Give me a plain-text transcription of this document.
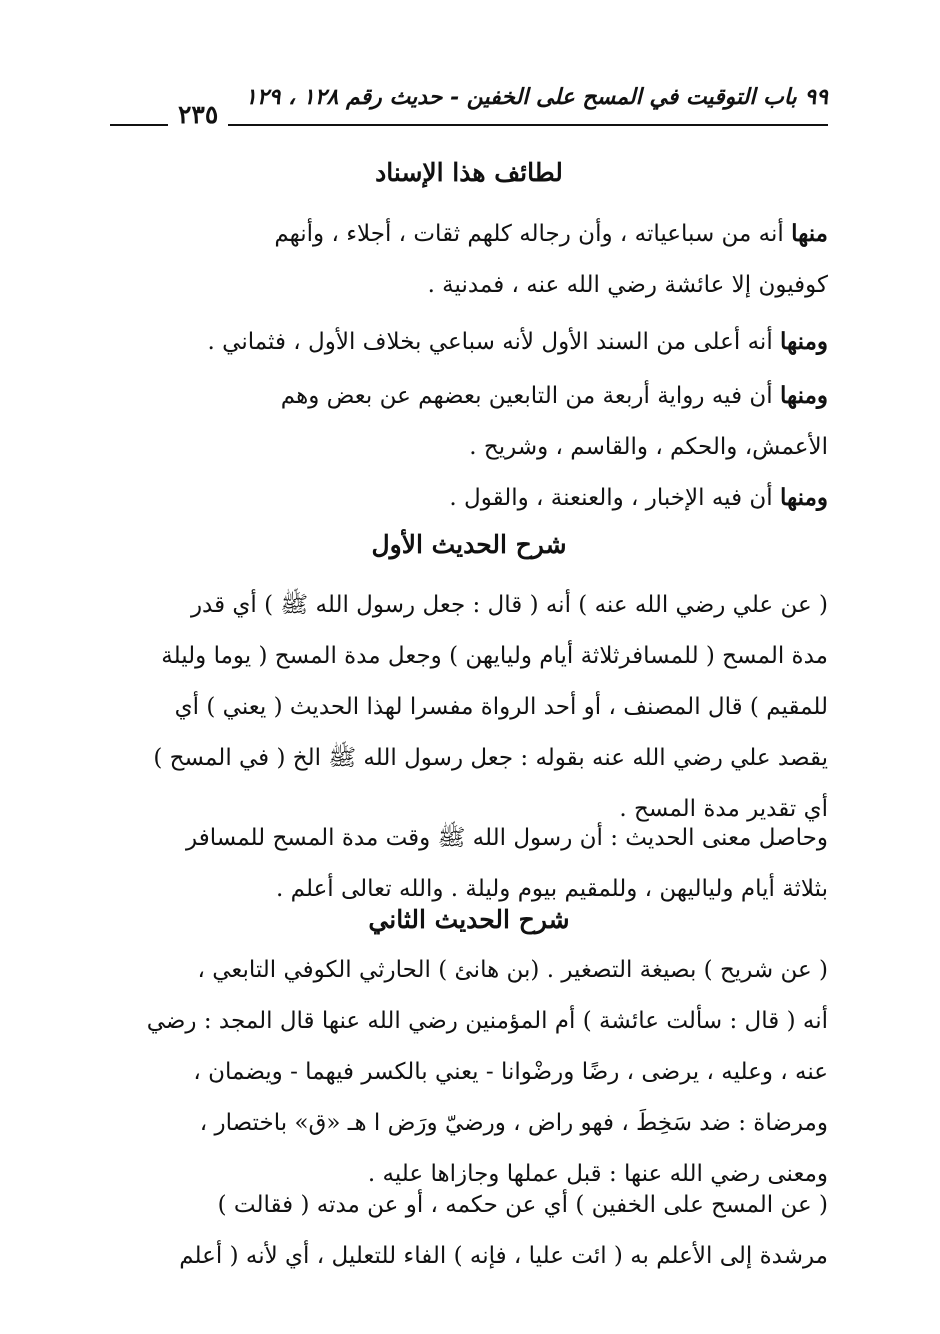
٩٩ باب التوقيت في المسح على الخفين - حديث رقم ١٢٨ ، ١٢٩
٢٣٥
لطائف هذا الإسناد

منها أنه من سباعياته ، وأن رجاله كلهم ثقات ، أجلاء ، وأنهم
كوفيون إلا عائشة رضي الله عنه ، فمدنية .

ومنها أنه أعلى من السند الأول لأنه سباعي بخلاف الأول ، فثماني .

ومنها أن فيه رواية أربعة من التابعين بعضهم عن بعض وهم
الأعمش، والحكم ، والقاسم ، وشريح .

ومنها أن فيه الإخبار ، والعنعنة ، والقول .

شرح الحديث الأول

( عن علي رضي الله عنه ) أنه ( قال : جعل رسول الله ﷺ ) أي قدر
مدة المسح ( للمسافرثلاثة أيام وليايهن ) وجعل مدة المسح ( يوما وليلة
للمقيم ) قال المصنف ، أو أحد الرواة مفسرا لهذا الحديث ( يعني ) أي
يقصد علي رضي الله عنه بقوله : جعل رسول الله ﷺ الخ ( في المسح )
أي تقدير مدة المسح .

وحاصل معنى الحديث : أن رسول الله ﷺ وقت مدة المسح للمسافر
بثلاثة أيام ولياليهن ، وللمقيم بيوم وليلة . والله تعالى أعلم .

شرح الحديث الثاني

( عن شريح ) بصيغة التصغير . (بن هانئ ) الحارثي الكوفي التابعي ،
أنه ( قال : سألت عائشة ) أم المؤمنين رضي الله عنها قال المجد : رضي
عنه ، وعليه ، يرضى ، رضًا ورضْوانا - يعني بالكسر فيهما - ويضمان ،
ومرضاة : ضد سَخِطَ ، فهو راض ، ورضيّ ورَض ا هـ «ق» باختصار ،
ومعنى رضي الله عنها : قبل عملها وجازاها عليه .

( عن المسح على الخفين ) أي عن حكمه ، أو عن مدته ( فقالت )
مرشدة إلى الأعلم به ( ائت عليا ، فإنه ) الفاء للتعليل ، أي لأنه ( أعلم
